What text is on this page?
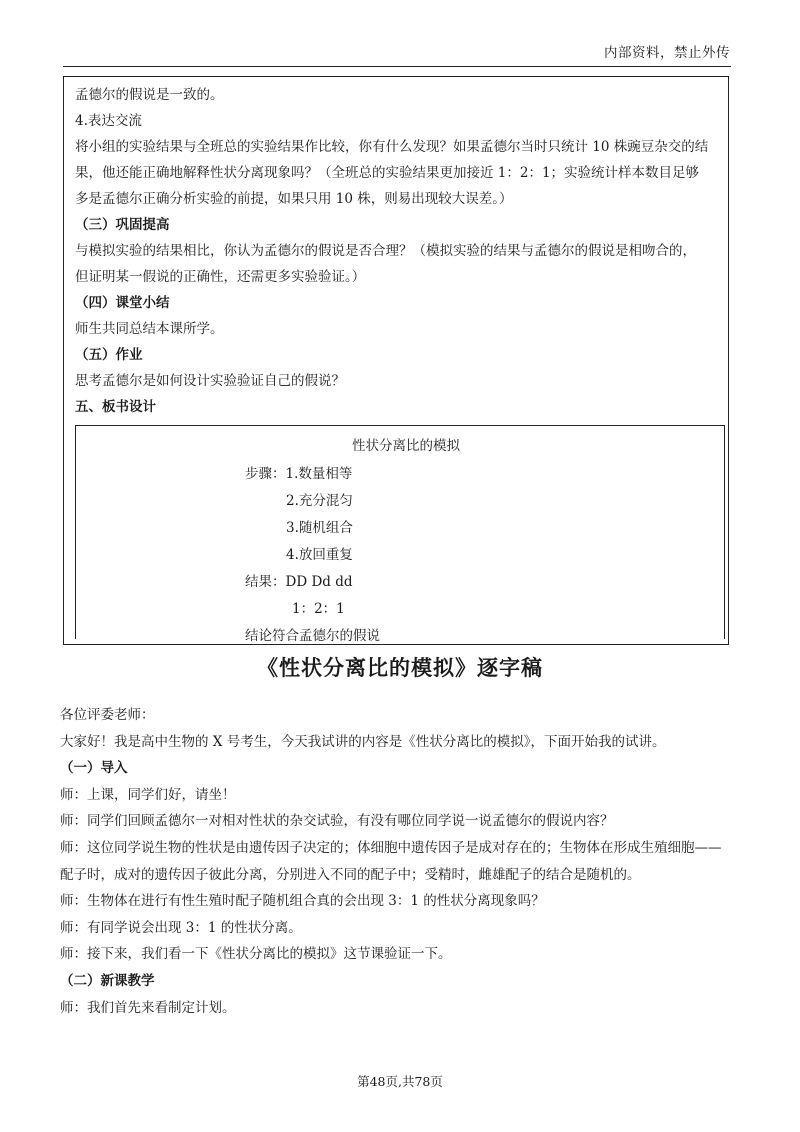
内部资料，禁止外传
孟德尔的假说是一致的。
4.表达交流
将小组的实验结果与全班总的实验结果作比较，你有什么发现？如果孟德尔当时只统计 10 株豌豆杂交的结
果，他还能正确地解释性状分离现象吗？（全班总的实验结果更加接近 1：2：1；实验统计样本数目足够
多是孟德尔正确分析实验的前提，如果只用 10 株，则易出现较大误差。）
（三）巩固提高
与模拟实验的结果相比，你认为孟德尔的假说是否合理？（模拟实验的结果与孟德尔的假说是相吻合的，
但证明某一假说的正确性，还需更多实验验证。）
（四）课堂小结
师生共同总结本课所学。
（五）作业
思考孟德尔是如何设计实验验证自己的假说？
五、板书设计
性状分离比的模拟
步骤：1.数量相等
2.充分混匀
3.随机组合
4.放回重复
结果：DD Dd dd
1：2：1
结论符合孟德尔的假说
《性状分离比的模拟》逐字稿
各位评委老师：
大家好！我是高中生物的 X 号考生，今天我试讲的内容是《性状分离比的模拟》，下面开始我的试讲。
（一）导入
师：上课，同学们好，请坐！
师：同学们回顾孟德尔一对相对性状的杂交试验，有没有哪位同学说一说孟德尔的假说内容？
师：这位同学说生物的性状是由遗传因子决定的；体细胞中遗传因子是成对存在的；生物体在形成生殖细胞——
配子时，成对的遗传因子彼此分离，分别进入不同的配子中；受精时，雌雄配子的结合是随机的。
师：生物体在进行有性生殖时配子随机组合真的会出现 3：1 的性状分离现象吗？
师：有同学说会出现 3：1 的性状分离。
师：接下来，我们看一下《性状分离比的模拟》这节课验证一下。
（二）新课教学
师：我们首先来看制定计划。
第48页,共78页
